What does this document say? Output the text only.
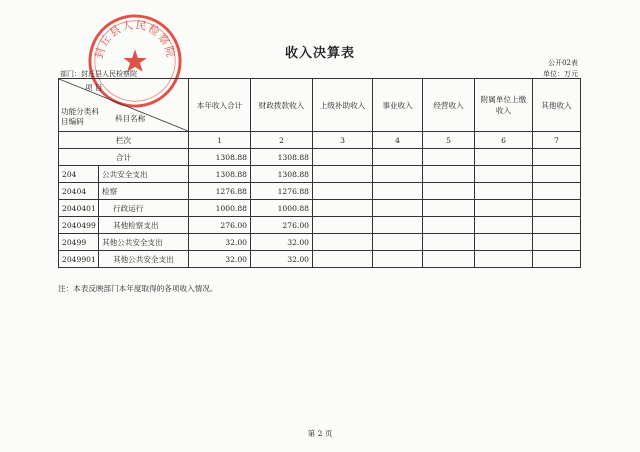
封丘县人民检察院	收入决算表
公开02表
部门：封丘县人民检察院	单位：万元
项 目
功能分类科目编码 科目名称		本年收入合计	财政拨款收入	上级补助收入	事业收入	经营收入	附属单位上缴收入	其他收入
栏次		1	2	3	4	5	6	7
合计		1308.88	1308.88					
204	公共安全支出	1308.88	1308.88					
20404	检察	1276.88	1276.88					
2040401	行政运行	1000.88	1000.88					
2040499	其他检察支出	276.00	276.00					
20499	其他公共安全支出	32.00	32.00					
2049901	其他公共安全支出	32.00	32.00					
注：本表反映部门本年度取得的各项收入情况。
第 2 页
